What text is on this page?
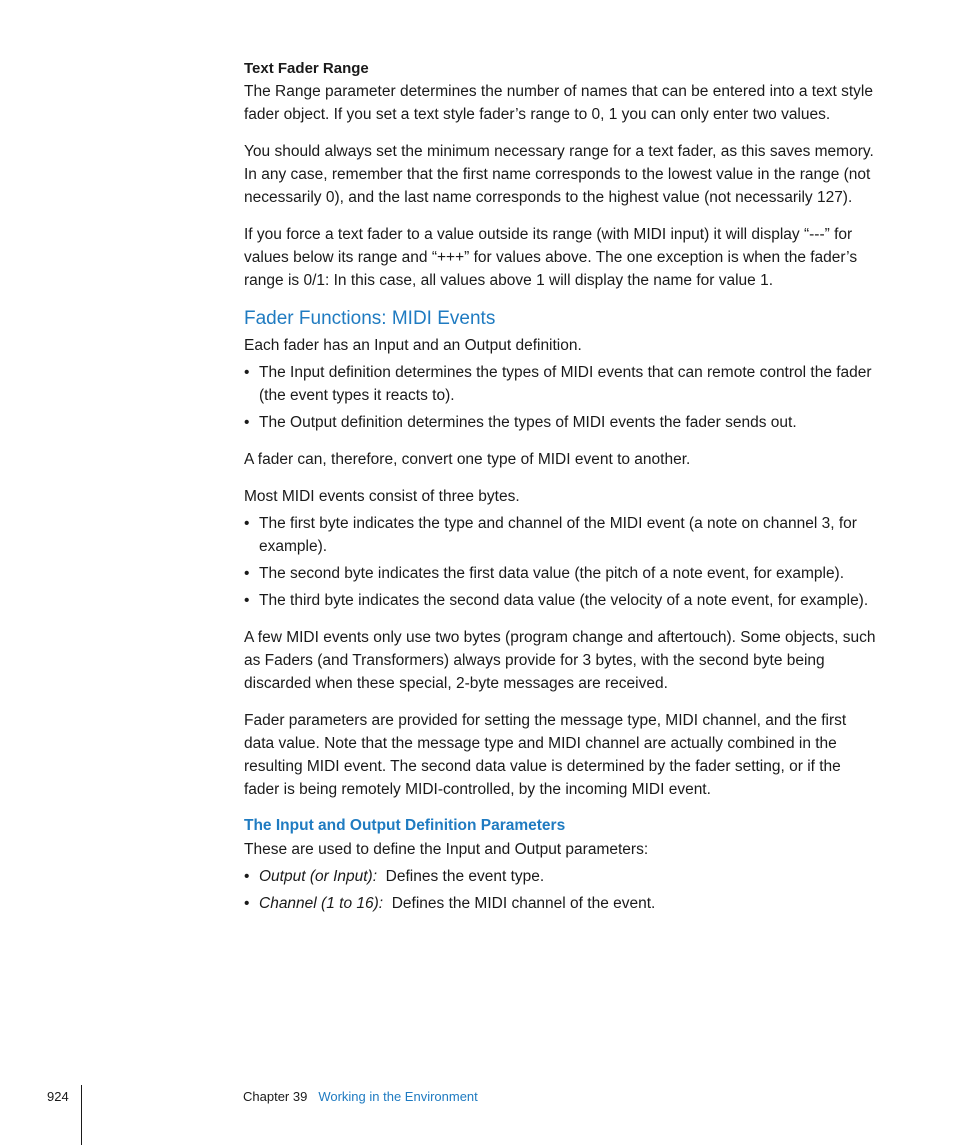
Text Fader Range

The Range parameter determines the number of names that can be entered into a text style fader object. If you set a text style fader’s range to 0, 1 you can only enter two values.

You should always set the minimum necessary range for a text fader, as this saves memory. In any case, remember that the first name corresponds to the lowest value in the range (not necessarily 0), and the last name corresponds to the highest value (not necessarily 127).

If you force a text fader to a value outside its range (with MIDI input) it will display “---” for values below its range and “+++” for values above. The one exception is when the fader’s range is 0/1: In this case, all values above 1 will display the name for value 1.

Fader Functions: MIDI Events

Each fader has an Input and an Output definition.

• The Input definition determines the types of MIDI events that can remote control the fader (the event types it reacts to).
• The Output definition determines the types of MIDI events the fader sends out.

A fader can, therefore, convert one type of MIDI event to another.

Most MIDI events consist of three bytes.

• The first byte indicates the type and channel of the MIDI event (a note on channel 3, for example).
• The second byte indicates the first data value (the pitch of a note event, for example).
• The third byte indicates the second data value (the velocity of a note event, for example).

A few MIDI events only use two bytes (program change and aftertouch). Some objects, such as Faders (and Transformers) always provide for 3 bytes, with the second byte being discarded when these special, 2-byte messages are received.

Fader parameters are provided for setting the message type, MIDI channel, and the first data value. Note that the message type and MIDI channel are actually combined in the resulting MIDI event. The second data value is determined by the fader setting, or if the fader is being remotely MIDI-controlled, by the incoming MIDI event.

The Input and Output Definition Parameters

These are used to define the Input and Output parameters:

• Output (or Input): Defines the event type.
• Channel (1 to 16): Defines the MIDI channel of the event.
924	Chapter 39 Working in the Environment
